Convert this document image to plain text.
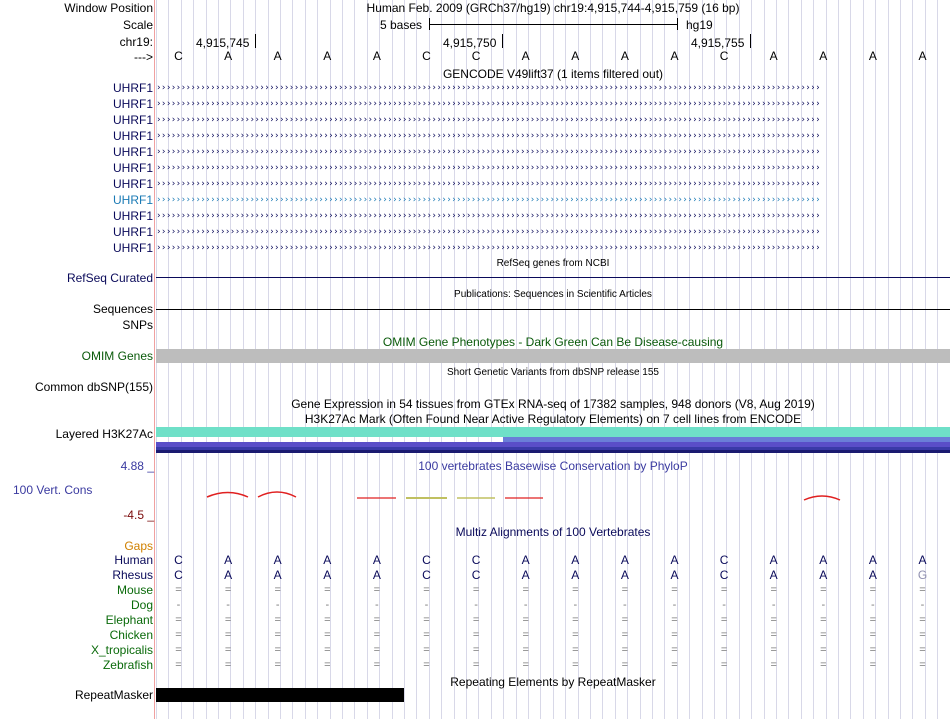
Window Position
Scale
chr19:
--->
Human Feb. 2009 (GRCh37/hg19) chr19:4,915,744-4,915,759 (16 bp)
5 bases	hg19
4,915,745	4,915,750	4,915,755
C	A	A	A	A	C	C	A	A	A	A	C	A	A	A	A
GENCODE V49lift37 (1 items filtered out)
UHRF1 ›››››››››››››››››››››››››››››››››››››››››››››››››››››››››››››››››››››››››››››››››››››››››››››››››››››››››››››››››››››››››››››››››››››››
UHRF1 ›››››››››››››››››››››››››››››››››››››››››››››››››››››››››››››››››››››››››››››››››››››››››››››››››››››››››››››››››››››››››››››››››››››››
UHRF1 ›››››››››››››››››››››››››››››››››››››››››››››››››››››››››››››››››››››››››››››››››››››››››››››››››››››››››››››››››››››››››››››››››››››››
UHRF1 ›››››››››››››››››››››››››››››››››››››››››››››››››››››››››››››››››››››››››››››››››››››››››››››››››››››››››››››››››››››››››››››››››››››››
UHRF1 ›››››››››››››››››››››››››››››››››››››››››››››››››››››››››››››››››››››››››››››››››››››››››››››››››››››››››››››››››››››››››››››››››››››››
UHRF1 ›››››››››››››››››››››››››››››››››››››››››››››››››››››››››››››››››››››››››››››››››››››››››››››››››››››››››››››››››››››››››››››››››››››››
UHRF1 ›››››››››››››››››››››››››››››››››››››››››››››››››››››››››››››››››››››››››››››››››››››››››››››››››››››››››››››››››››››››››››››››››››››››
UHRF1 ›››››››››››››››››››››››››››››››››››››››››››››››››››››››››››››››››››››››››››››››››››››››››››››››››››››››››››››››››››››››››››››››››››››››
UHRF1 ›››››››››››››››››››››››››››››››››››››››››››››››››››››››››››››››››››››››››››››››››››››››››››››››››››››››››››››››››››››››››››››››››››››››
UHRF1 ›››››››››››››››››››››››››››››››››››››››››››››››››››››››››››››››››››››››››››››››››››››››››››››››››››››››››››››››››››››››››››››››››››››››
UHRF1 ›››››››››››››››››››››››››››››››››››››››››››››››››››››››››››››››››››››››››››››››››››››››››››››››››››››››››››››››››››››››››››››››››››››››
RefSeq genes from NCBI
RefSeq Curated
Publications: Sequences in Scientific Articles
Sequences
SNPs
OMIM Gene Phenotypes - Dark Green Can Be Disease-causing
OMIM Genes
Short Genetic Variants from dbSNP release 155
Common dbSNP(155)
Gene Expression in 54 tissues from GTEx RNA-seq of 17382 samples, 948 donors (V8, Aug 2019)
H3K27Ac Mark (Often Found Near Active Regulatory Elements) on 7 cell lines from ENCODE
Layered H3K27Ac
4.88 _	100 vertebrates Basewise Conservation by PhyloP
100 Vert. Cons
-4.5 _
Multiz Alignments of 100 Vertebrates
Gaps
Human	C	A	A	A	A	C	C	A	A	A	A	C	A	A	A	A
Rhesus	C	A	A	A	A	C	C	A	A	A	A	C	A	A	A	G
Mouse	=	=	=	=	=	=	=	=	=	=	=	=	=	=	=	=
Dog	-	-	-	-	-	-	-	-	-	-	-	-	-	-	-	-
Elephant	=	=	=	=	=	=	=	=	=	=	=	=	=	=	=	=
Chicken	=	=	=	=	=	=	=	=	=	=	=	=	=	=	=	=
X_tropicalis	=	=	=	=	=	=	=	=	=	=	=	=	=	=	=	=
Zebrafish	=	=	=	=	=	=	=	=	=	=	=	=	=	=	=	=
Repeating Elements by RepeatMasker
RepeatMasker
